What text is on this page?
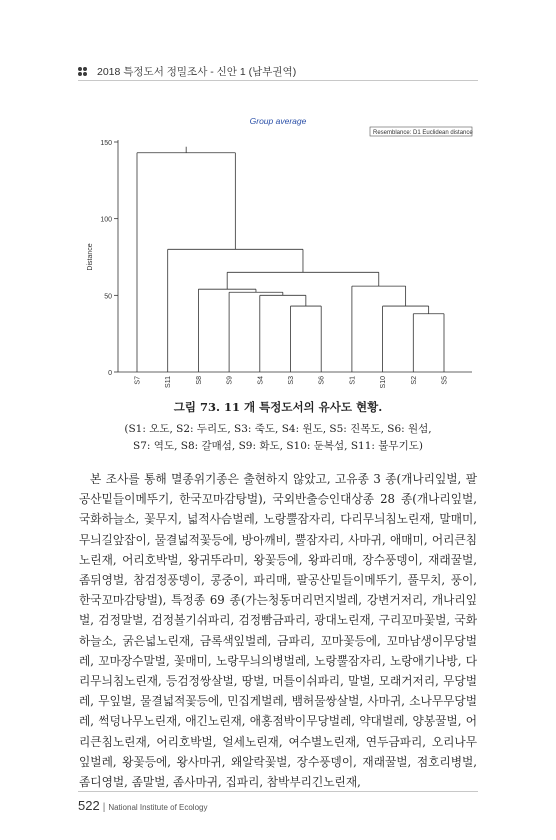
2018 특정도서 정밀조사 - 신안 1 (남부권역)
Group average
Resemblance: D1 Euclidean distance
0
50
100
150
Distance
S7	S11	S8	S9	S4	S3	S6	S1	S10	S2	S5
그림 73. 11 개 특정도서의 유사도 현황.
(S1: 오도, S2: 두리도, S3: 죽도, S4: 원도, S5: 진목도, S6: 원섬,
S7: 역도, S8: 갈매섬, S9: 화도, S10: 둔복섬, S11: 불무기도)

본 조사를 통해 멸종위기종은 출현하지 않았고, 고유종 3 종(개나리잎벌, 팔공산밑들이메뚜기, 한국꼬마감탕벌), 국외반출승인대상종 28 종(개나리잎벌, 국화하늘소, 꽃무지, 넓적사슴벌레, 노랑뿔잠자리, 다리무늬침노린재, 말매미, 무늬길앞잡이, 물결넓적꽃등에, 방아깨비, 뿔잠자리, 사마귀, 애매미, 어리큰침노린재, 어리호박벌, 왕귀뚜라미, 왕꽃등에, 왕파리매, 장수풍뎅이, 재래꿀벌, 좀뒤영벌, 참검정풍뎅이, 콩중이, 파리매, 팔공산밑들이메뚜기, 풀무치, 풍이, 한국꼬마감탕벌), 특정종 69 종(가는청동머리먼지벌레, 강변거저리, 개나리잎벌, 검정말벌, 검정볼기쉬파리, 검정빰금파리, 광대노린재, 구리꼬마꽃벌, 국화하늘소, 굵은넓노린재, 금록색잎벌레, 금파리, 꼬마꽃등에, 꼬마남생이무당벌레, 꼬마장수말벌, 꽃매미, 노랑무늬의병벌레, 노랑뿔잠자리, 노랑애기나방, 다리무늬침노린재, 등검정쌍살벌, 땅벌, 머틀이쉬파리, 말벌, 모래거저리, 무당벌레, 무잎벌, 물결넓적꽃등에, 민집게벌레, 뱀허물쌍살벌, 사마귀, 소나무무당벌레, 썩덩나무노린재, 애긴노린재, 애홍점박이무당벌레, 약대벌레, 양봉꿀벌, 어리큰침노린재, 어리호박벌, 얼세노린재, 여수별노린재, 연두금파리, 오리나무잎벌레, 왕꽃등에, 왕사마귀, 왜알락꽃벌, 장수풍뎅이, 재래꿀벌, 점호리병벌, 좀디영벌, 좀말벌, 좀사마귀, 집파리, 참박부리긴노린재,

522 | National Institute of Ecology
